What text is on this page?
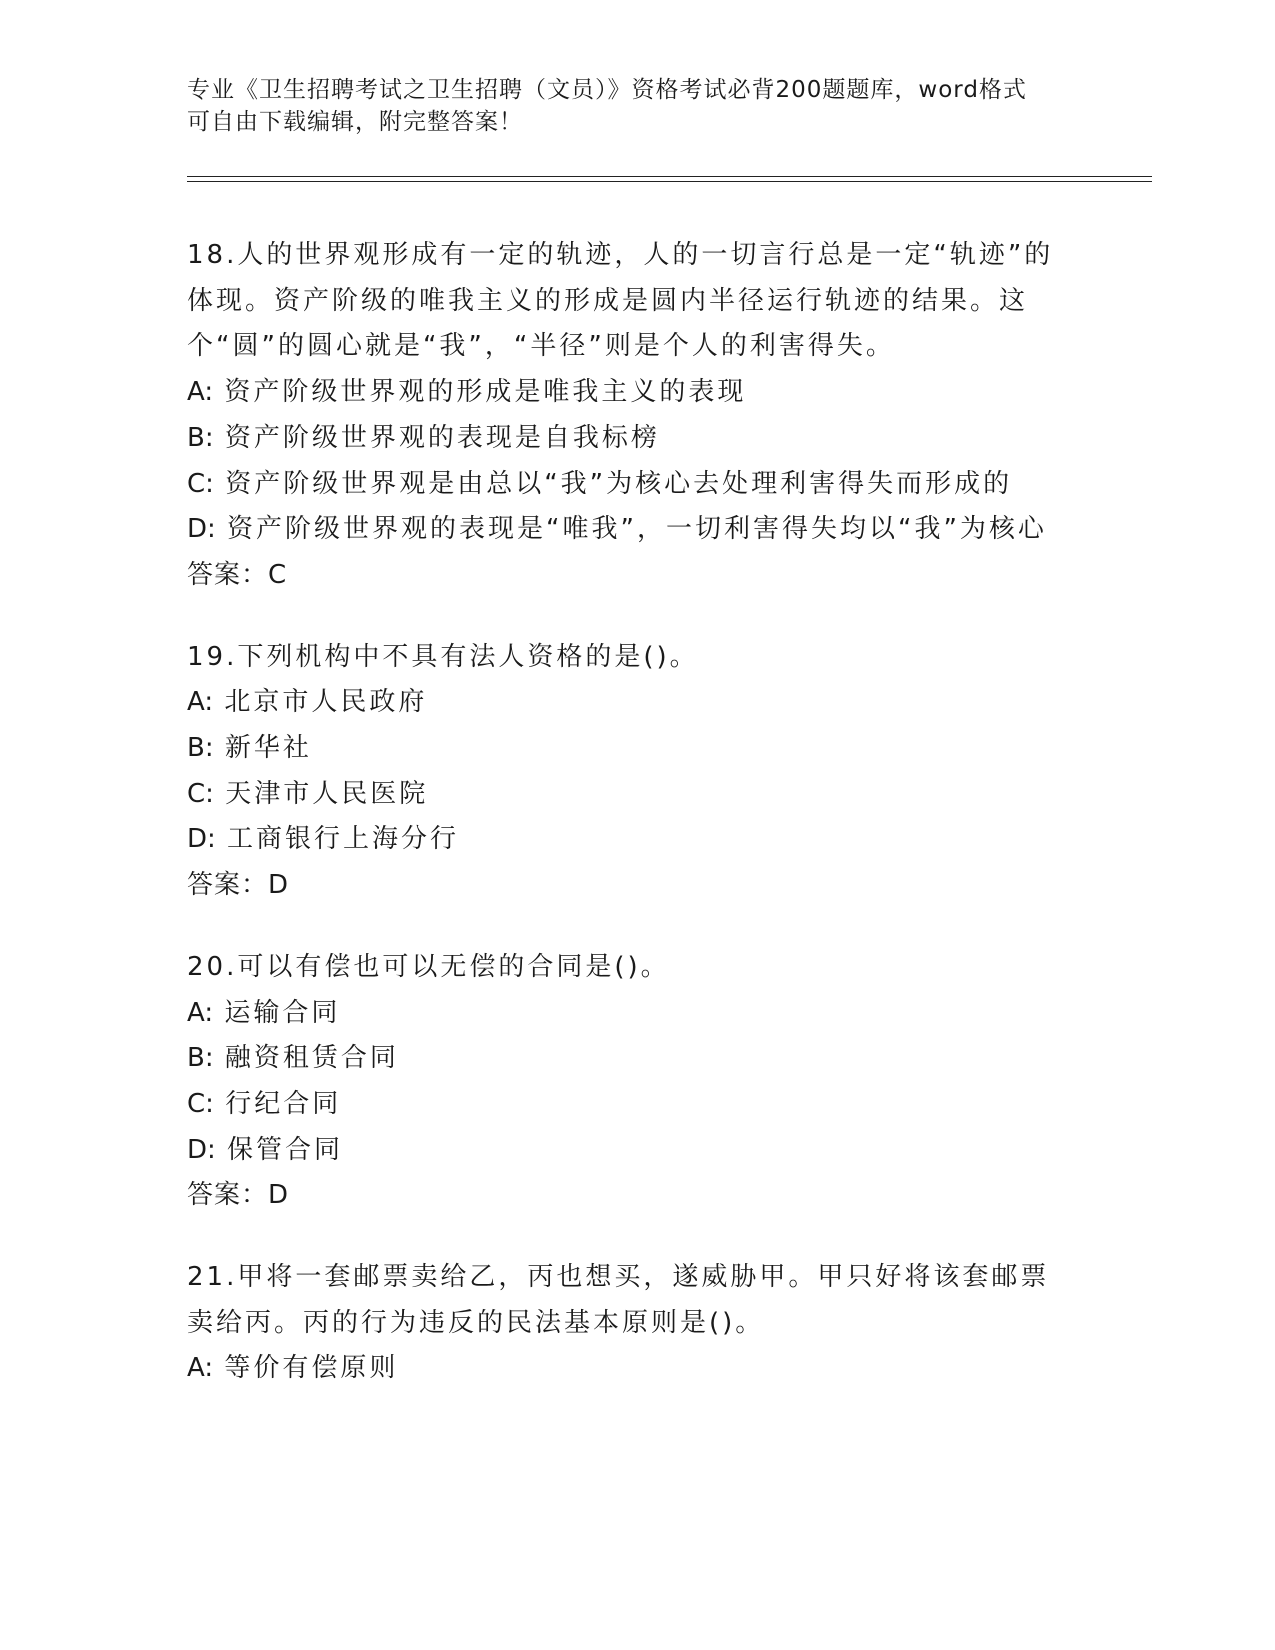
专业《卫生招聘考试之卫生招聘（文员）》资格考试必背200题题库，word格式
可自由下载编辑，附完整答案！
18.人的世界观形成有一定的轨迹，人的一切言行总是一定“轨迹”的体现。资产阶级的唯我主义的形成是圆内半径运行轨迹的结果。这个“圆”的圆心就是“我”，“半径”则是个人的利害得失。
A: 资产阶级世界观的形成是唯我主义的表现
B: 资产阶级世界观的表现是自我标榜
C: 资产阶级世界观是由总以“我”为核心去处理利害得失而形成的
D: 资产阶级世界观的表现是“唯我”，一切利害得失均以“我”为核心
答案：C
19.下列机构中不具有法人资格的是()。
A: 北京市人民政府
B: 新华社
C: 天津市人民医院
D: 工商银行上海分行
答案：D
20.可以有偿也可以无偿的合同是()。
A: 运输合同
B: 融资租赁合同
C: 行纪合同
D: 保管合同
答案：D
21.甲将一套邮票卖给乙，丙也想买，遂威胁甲。甲只好将该套邮票卖给丙。丙的行为违反的民法基本原则是()。
A: 等价有偿原则
